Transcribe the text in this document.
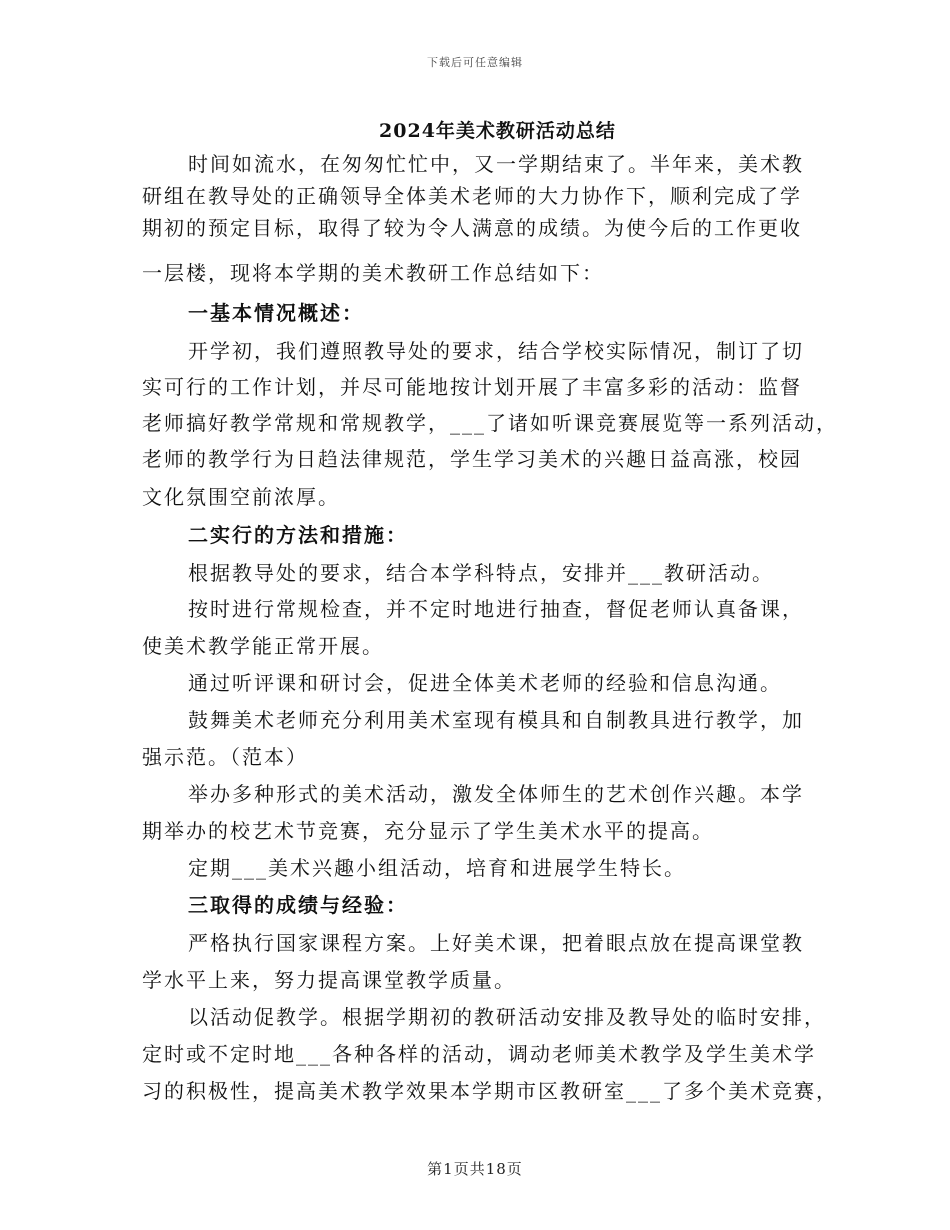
下载后可任意编辑
2024年美术教研活动总结
时间如流水，在匆匆忙忙中，又一学期结束了。半年来，美术教
研组在教导处的正确领导全体美术老师的大力协作下，顺利完成了学
期初的预定目标，取得了较为令人满意的成绩。为使今后的工作更收
一层楼，现将本学期的美术教研工作总结如下：
一基本情况概述：
开学初，我们遵照教导处的要求，结合学校实际情况，制订了切
实可行的工作计划，并尽可能地按计划开展了丰富多彩的活动：监督
老师搞好教学常规和常规教学，___了诸如听课竞赛展览等一系列活动，
老师的教学行为日趋法律规范，学生学习美术的兴趣日益高涨，校园
文化氛围空前浓厚。
二实行的方法和措施：
根据教导处的要求，结合本学科特点，安排并___教研活动。
按时进行常规检查，并不定时地进行抽查，督促老师认真备课，
使美术教学能正常开展。
通过听评课和研讨会，促进全体美术老师的经验和信息沟通。
鼓舞美术老师充分利用美术室现有模具和自制教具进行教学，加
强示范。（范本）
举办多种形式的美术活动，激发全体师生的艺术创作兴趣。本学
期举办的校艺术节竞赛，充分显示了学生美术水平的提高。
定期___美术兴趣小组活动，培育和进展学生特长。
三取得的成绩与经验：
严格执行国家课程方案。上好美术课，把着眼点放在提高课堂教
学水平上来，努力提高课堂教学质量。
以活动促教学。根据学期初的教研活动安排及教导处的临时安排，
定时或不定时地___各种各样的活动，调动老师美术教学及学生美术学
习的积极性，提高美术教学效果本学期市区教研室___了多个美术竞赛，
第1页共18页
